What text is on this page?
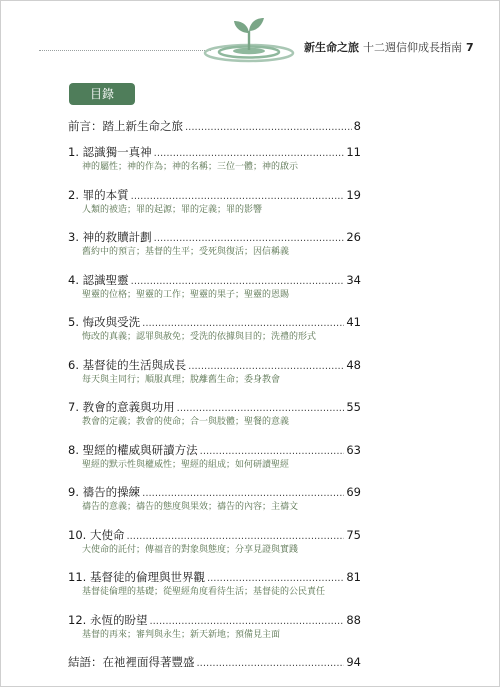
新生命之旅 十二週信仰成長指南 7
目錄
前言：踏上新生命之旅 .....	8
1. 認識獨一真神 .....	11
神的屬性；神的作為；神的名稱；三位一體；神的啟示
2. 罪的本質 .....	19
人類的被造；罪的起源；罪的定義；罪的影響
3. 神的救贖計劃 .....	26
舊約中的預言；基督的生平；受死與復活；因信稱義
4. 認識聖靈 .....	34
聖靈的位格；聖靈的工作；聖靈的果子；聖靈的恩賜
5. 悔改與受洗 .....	41
悔改的真義；認罪與赦免；受洗的依據與目的；洗禮的形式
6. 基督徒的生活與成長 .....	48
每天與主同行；順服真理；脫離舊生命；委身教會
7. 教會的意義與功用 .....	55
教會的定義；教會的使命；合一與肢體；聖餐的意義
8. 聖經的權威與研讀方法 .....	63
聖經的默示性與權威性；聖經的組成；如何研讀聖經
9. 禱告的操練 .....	69
禱告的意義；禱告的態度與果效；禱告的內容；主禱文
10. 大使命 .....	75
大使命的託付；傳福音的對象與態度；分享見證與實踐
11. 基督徒的倫理與世界觀 .....	81
基督徒倫理的基礎；從聖經角度看待生活；基督徒的公民責任
12. 永恆的盼望 .....	88
基督的再來；審判與永生；新天新地；預備見主面
結語：在祂裡面得著豐盛 .....	94
